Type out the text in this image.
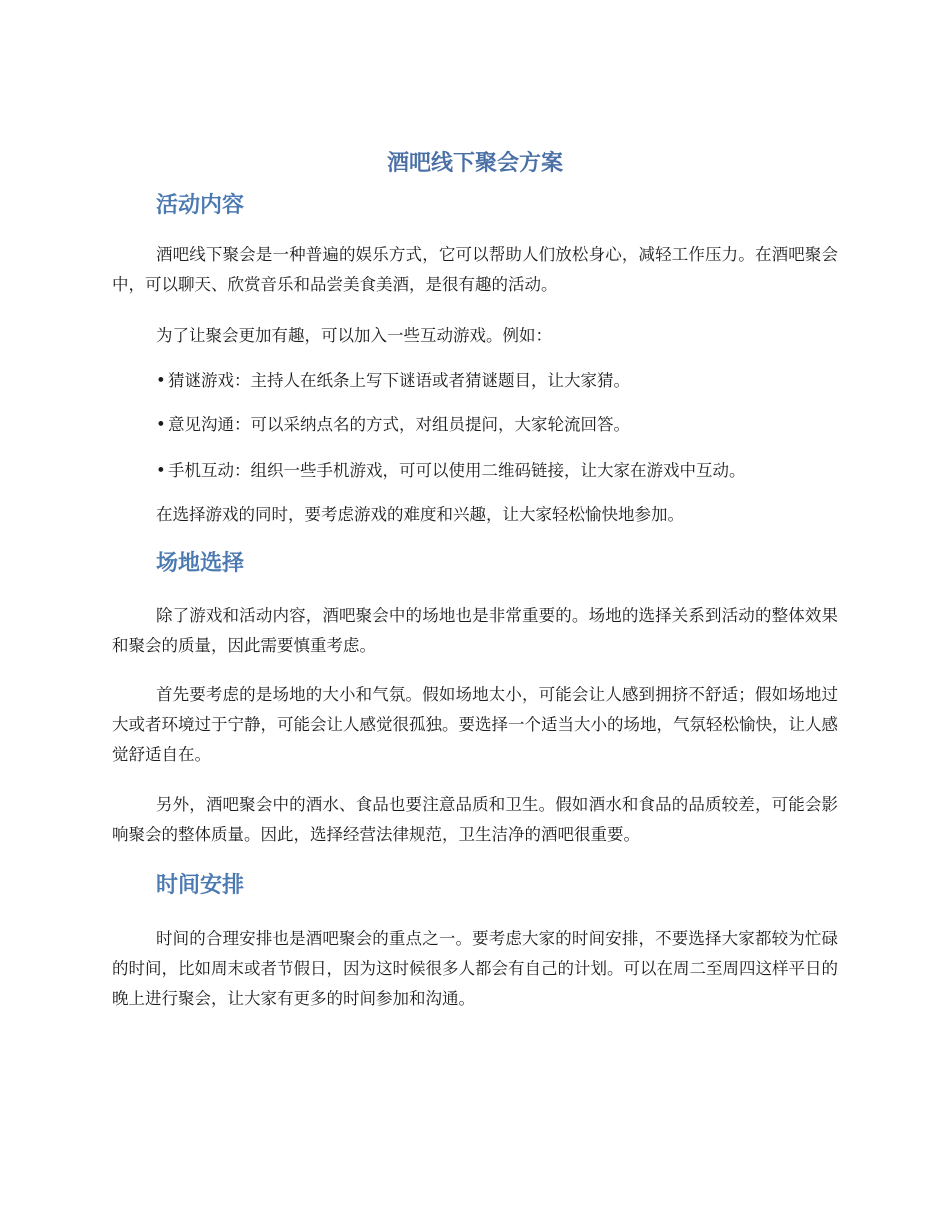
酒吧线下聚会方案
活动内容

酒吧线下聚会是一种普遍的娱乐方式，它可以帮助人们放松身心，减轻工作压力。在酒吧聚会中，可以聊天、欣赏音乐和品尝美食美酒，是很有趣的活动。

为了让聚会更加有趣，可以加入一些互动游戏。例如：

• 猜谜游戏：主持人在纸条上写下谜语或者猜谜题目，让大家猜。
• 意见沟通：可以采纳点名的方式，对组员提问，大家轮流回答。
• 手机互动：组织一些手机游戏，可可以使用二维码链接，让大家在游戏中互动。

在选择游戏的同时，要考虑游戏的难度和兴趣，让大家轻松愉快地参加。

场地选择

除了游戏和活动内容，酒吧聚会中的场地也是非常重要的。场地的选择关系到活动的整体效果和聚会的质量，因此需要慎重考虑。

首先要考虑的是场地的大小和气氛。假如场地太小，可能会让人感到拥挤不舒适；假如场地过大或者环境过于宁静，可能会让人感觉很孤独。要选择一个适当大小的场地，气氛轻松愉快，让人感觉舒适自在。

另外，酒吧聚会中的酒水、食品也要注意品质和卫生。假如酒水和食品的品质较差，可能会影响聚会的整体质量。因此，选择经营法律规范，卫生洁净的酒吧很重要。

时间安排

时间的合理安排也是酒吧聚会的重点之一。要考虑大家的时间安排，不要选择大家都较为忙碌的时间，比如周末或者节假日，因为这时候很多人都会有自己的计划。可以在周二至周四这样平日的晚上进行聚会，让大家有更多的时间参加和沟通。
